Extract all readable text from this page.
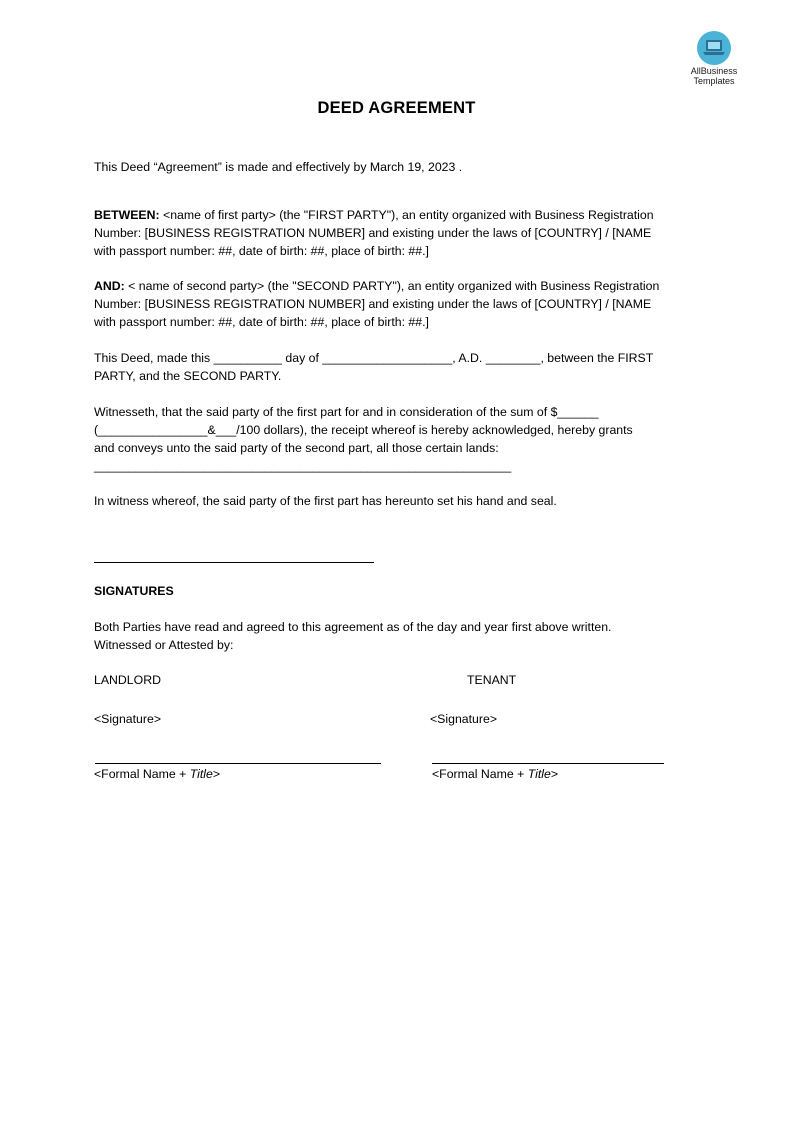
AllBusiness
Templates
DEED AGREEMENT

This Deed “Agreement” is made and effectively by March 19, 2023 .

BETWEEN: <name of first party> (the "FIRST PARTY"), an entity organized with Business Registration
Number: [BUSINESS REGISTRATION NUMBER] and existing under the laws of [COUNTRY] / [NAME
with passport number: ##, date of birth: ##, place of birth: ##.]
AND: < name of second party> (the "SECOND PARTY"), an entity organized with Business Registration
Number: [BUSINESS REGISTRATION NUMBER] and existing under the laws of [COUNTRY] / [NAME
with passport number: ##, date of birth: ##, place of birth: ##.]
This Deed, made this __________ day of ___________________, A.D. ________, between the FIRST
PARTY, and the SECOND PARTY.
Witnesseth, that the said party of the first part for and in consideration of the sum of $______
(________________&___/100 dollars), the receipt whereof is hereby acknowledged, hereby grants
and conveys unto the said party of the second part, all those certain lands:
_____________________________________________________________

In witness whereof, the said party of the first part has hereunto set his hand and seal.

SIGNATURES

Both Parties have read and agreed to this agreement as of the day and year first above written.
Witnessed or Attested by:

LANDLORD	TENANT

<Signature>	<Signature>

<Formal Name + Title>	<Formal Name + Title>
